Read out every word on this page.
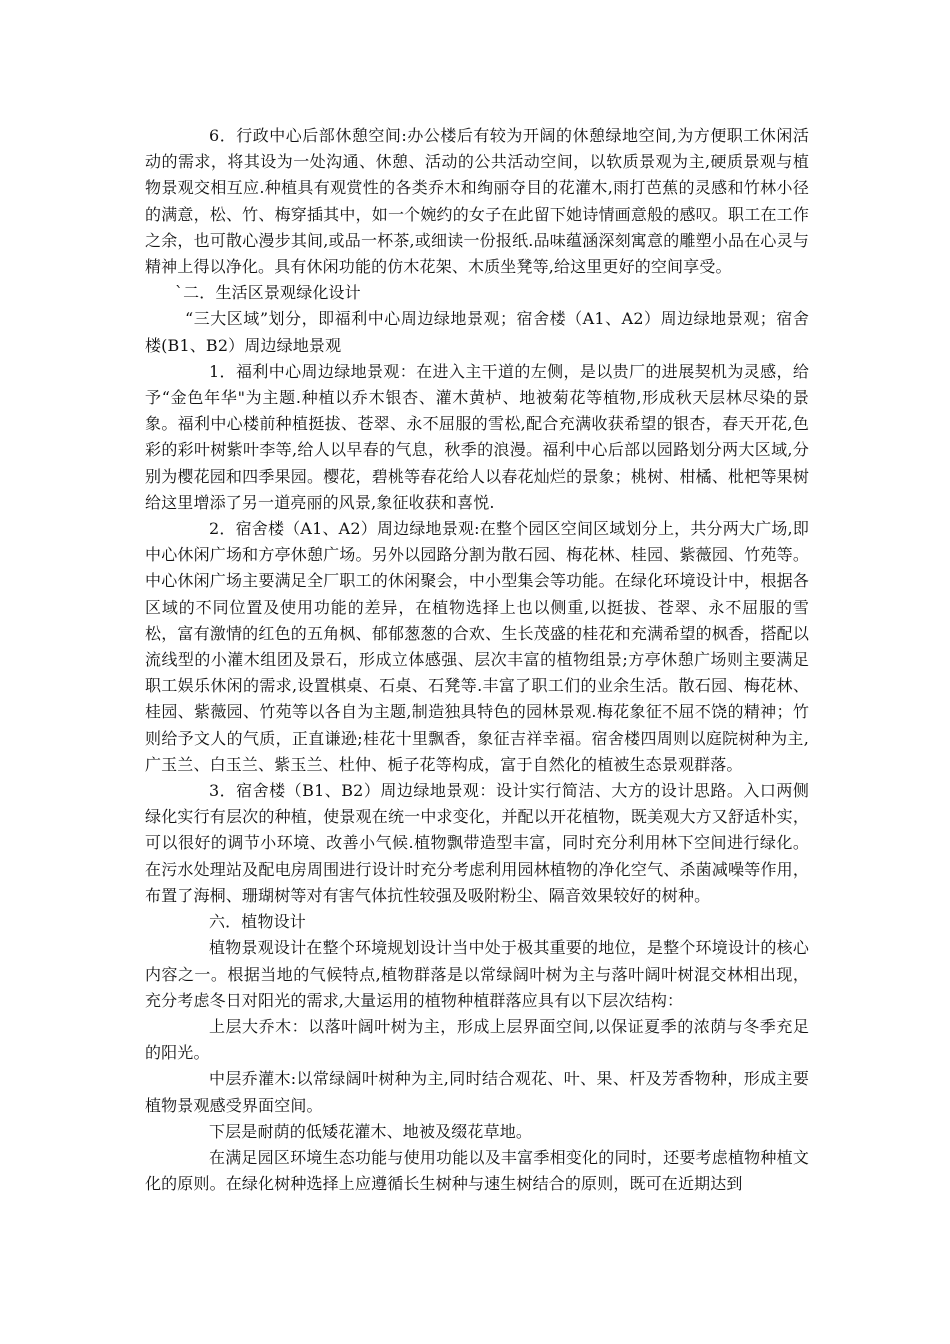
6．行政中心后部休憩空间:办公楼后有较为开阔的休憩绿地空间,为方便职工休闲活动的需求，将其设为一处沟通、休憩、活动的公共活动空间，以软质景观为主,硬质景观与植物景观交相互应.种植具有观赏性的各类乔木和绚丽夺目的花灌木,雨打芭蕉的灵感和竹林小径的满意，松、竹、梅穿插其中，如一个婉约的女子在此留下她诗情画意般的感叹。职工在工作之余，也可散心漫步其间,或品一杯茶,或细读一份报纸.品味蕴涵深刻寓意的雕塑小品在心灵与精神上得以净化。具有休闲功能的仿木花架、木质坐凳等,给这里更好的空间享受。

`二．生活区景观绿化设计

“三大区域”划分，即福利中心周边绿地景观；宿舍楼（A1、A2）周边绿地景观；宿舍楼(B1、B2）周边绿地景观

1．福利中心周边绿地景观：在进入主干道的左侧，是以贵厂的进展契机为灵感，给予“金色年华"为主题.种植以乔木银杏、灌木黄栌、地被菊花等植物,形成秋天层林尽染的景象。福利中心楼前种植挺拔、苍翠、永不屈服的雪松,配合充满收获希望的银杏，春天开花,色彩的彩叶树紫叶李等,给人以早春的气息，秋季的浪漫。福利中心后部以园路划分两大区域,分别为樱花园和四季果园。樱花，碧桃等春花给人以春花灿烂的景象；桃树、柑橘、枇杷等果树给这里增添了另一道亮丽的风景,象征收获和喜悦.

2．宿舍楼（A1、A2）周边绿地景观:在整个园区空间区域划分上，共分两大广场,即中心休闲广场和方亭休憩广场。另外以园路分割为散石园、梅花林、桂园、紫薇园、竹苑等。中心休闲广场主要满足全厂职工的休闲聚会，中小型集会等功能。在绿化环境设计中，根据各区域的不同位置及使用功能的差异，在植物选择上也以侧重,以挺拔、苍翠、永不屈服的雪松，富有激情的红色的五角枫、郁郁葱葱的合欢、生长茂盛的桂花和充满希望的枫香，搭配以流线型的小灌木组团及景石，形成立体感强、层次丰富的植物组景;方亭休憩广场则主要满足职工娱乐休闲的需求,设置棋桌、石桌、石凳等.丰富了职工们的业余生活。散石园、梅花林、桂园、紫薇园、竹苑等以各自为主题,制造独具特色的园林景观.梅花象征不屈不饶的精神；竹则给予文人的气质，正直谦逊;桂花十里飘香，象征吉祥幸福。宿舍楼四周则以庭院树种为主,广玉兰、白玉兰、紫玉兰、杜仲、栀子花等构成，富于自然化的植被生态景观群落。

3．宿舍楼（B1、B2）周边绿地景观：设计实行简洁、大方的设计思路。入口两侧绿化实行有层次的种植，使景观在统一中求变化，并配以开花植物，既美观大方又舒适朴实，可以很好的调节小环境、改善小气候.植物飘带造型丰富，同时充分利用林下空间进行绿化。在污水处理站及配电房周围进行设计时充分考虑利用园林植物的净化空气、杀菌减噪等作用，布置了海桐、珊瑚树等对有害气体抗性较强及吸附粉尘、隔音效果较好的树种。

六．植物设计

植物景观设计在整个环境规划设计当中处于极其重要的地位，是整个环境设计的核心内容之一。根据当地的气候特点,植物群落是以常绿阔叶树为主与落叶阔叶树混交林相出现，充分考虑冬日对阳光的需求,大量运用的植物种植群落应具有以下层次结构：

上层大乔木：以落叶阔叶树为主，形成上层界面空间,以保证夏季的浓荫与冬季充足的阳光。

中层乔灌木:以常绿阔叶树种为主,同时结合观花、叶、果、杆及芳香物种，形成主要植物景观感受界面空间。

下层是耐荫的低矮花灌木、地被及缀花草地。

在满足园区环境生态功能与使用功能以及丰富季相变化的同时，还要考虑植物种植文化的原则。在绿化树种选择上应遵循长生树种与速生树结合的原则，既可在近期达到
